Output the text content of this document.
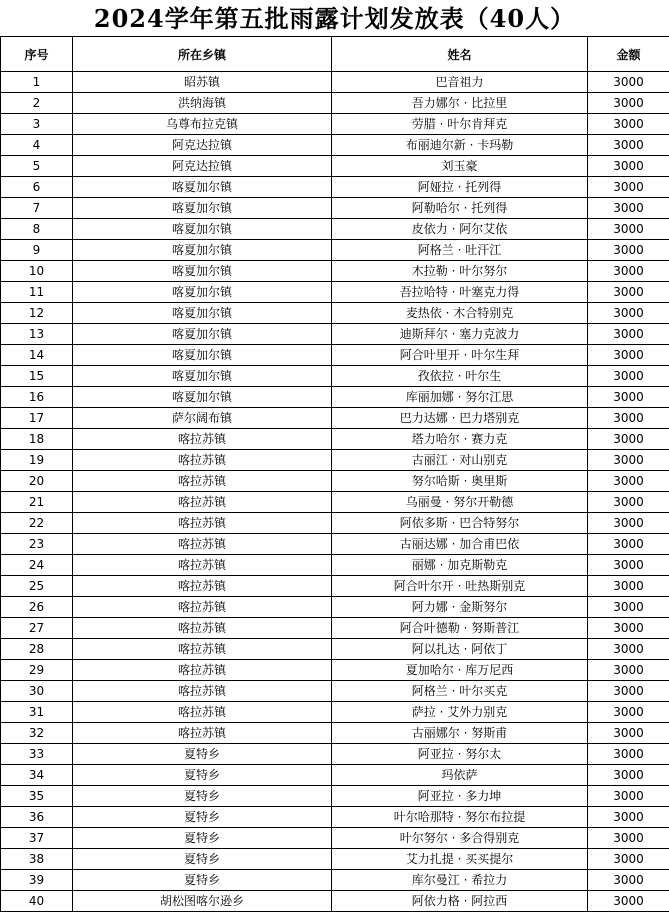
2024学年第五批雨露计划发放表（40人）
序号	所在乡镇	姓名	金额
1	昭苏镇	巴音祖力	3000
2	洪纳海镇	吾力娜尔 · 比拉里	3000
3	乌尊布拉克镇	劳腊 · 叶尔肯拜克	3000
4	阿克达拉镇	布丽迪尔新 · 卡玛勒	3000
5	阿克达拉镇	刘玉豪	3000
6	喀夏加尔镇	阿娅拉 · 托列得	3000
7	喀夏加尔镇	阿勒哈尔 · 托列得	3000
8	喀夏加尔镇	皮依力 · 阿尔艾依	3000
9	喀夏加尔镇	阿格兰 · 吐汗江	3000
10	喀夏加尔镇	木拉勒 · 叶尔努尔	3000
11	喀夏加尔镇	吾拉哈特 · 叶塞克力得	3000
12	喀夏加尔镇	麦热依 · 木合特别克	3000
13	喀夏加尔镇	迪斯拜尔 · 塞力克波力	3000
14	喀夏加尔镇	阿合叶里开 · 叶尔生拜	3000
15	喀夏加尔镇	孜依拉 · 叶尔生	3000
16	喀夏加尔镇	库丽加娜 · 努尔江思	3000
17	萨尔阔布镇	巴力达娜 · 巴力塔别克	3000
18	喀拉苏镇	塔力哈尔 · 赛力克	3000
19	喀拉苏镇	古丽江 · 对山别克	3000
20	喀拉苏镇	努尔哈斯 · 奥里斯	3000
21	喀拉苏镇	乌丽曼 · 努尔开勒德	3000
22	喀拉苏镇	阿依多斯 · 巴合特努尔	3000
23	喀拉苏镇	古丽达娜 · 加合甫巴依	3000
24	喀拉苏镇	丽娜 · 加克斯勒克	3000
25	喀拉苏镇	阿合叶尔开 · 吐热斯别克	3000
26	喀拉苏镇	阿力娜 · 金斯努尔	3000
27	喀拉苏镇	阿合叶德勒 · 努斯普江	3000
28	喀拉苏镇	阿以扎达 · 阿依丁	3000
29	喀拉苏镇	夏加哈尔 · 库万尼西	3000
30	喀拉苏镇	阿格兰 · 叶尔买克	3000
31	喀拉苏镇	萨拉 · 艾外力别克	3000
32	喀拉苏镇	古丽娜尔 · 努斯甫	3000
33	夏特乡	阿亚拉 · 努尔太	3000
34	夏特乡	玛依萨	3000
35	夏特乡	阿亚拉 · 多力坤	3000
36	夏特乡	叶尔哈那特 · 努尔布拉提	3000
37	夏特乡	叶尔努尔 · 多合得别克	3000
38	夏特乡	艾力扎提 · 买买提尔	3000
39	夏特乡	库尔曼江 · 希拉力	3000
40	胡松图喀尔逊乡	阿依力格 · 阿拉西	3000
